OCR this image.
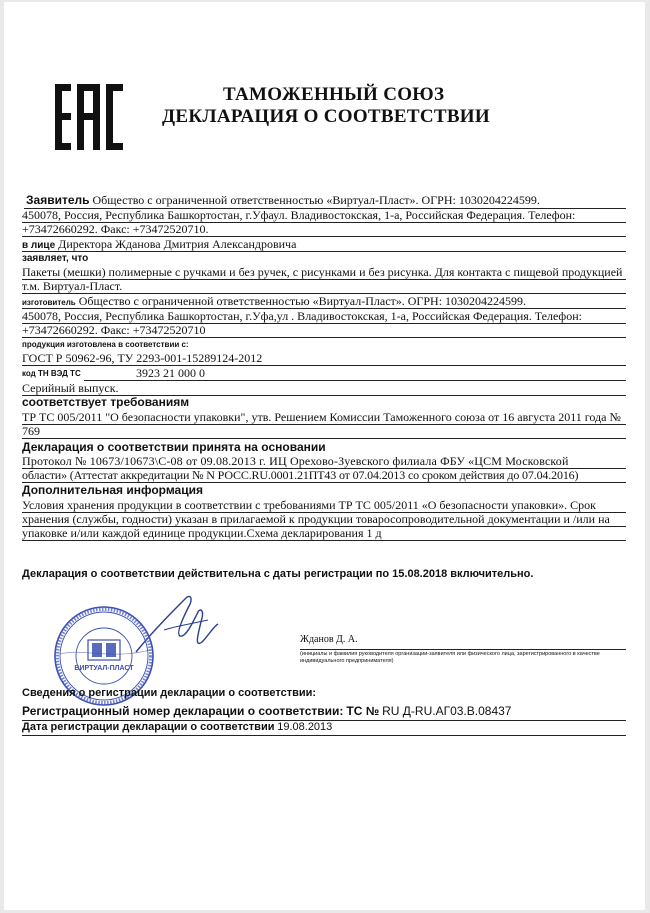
ТАМОЖЕННЫЙ СОЮЗ
ДЕКЛАРАЦИЯ О СООТВЕТСТВИИ
Заявитель Общество с ограниченной ответственностью «Виртуал-Пласт». ОГРН: 1030204224599.
450078, Россия, Республика Башкортостан, г.Уфаул. Владивостокская, 1-а, Российская Федерация. Телефон:
+73472660292. Факс: +73472520710.
в лице Директора Жданова Дмитрия Александровича
заявляет, что
Пакеты (мешки) полимерные с ручками и без ручек, с рисунками и без рисунка. Для контакта с пищевой продукцией
т.м. Виртуал-Пласт.
изготовитель Общество с ограниченной ответственностью «Виртуал-Пласт». ОГРН: 1030204224599.
450078, Россия, Республика Башкортостан, г.Уфа,ул . Владивостокская, 1-а, Российская Федерация. Телефон:
+73472660292. Факс: +73472520710
продукция изготовлена в соответствии с:
ГОСТ Р 50962-96, ТУ 2293-001-15289124-2012
код ТН ВЭД ТС	3923 21 000 0
Серийный выпуск.
соответствует требованиям
ТР ТС 005/2011 "О безопасности упаковки", утв. Решением Комиссии Таможенного союза от 16 августа 2011 года №
769
Декларация о соответствии принята на основании
Протокол № 10673/10673\С-08 от 09.08.2013 г. ИЦ Орехово-Зуевского филиала ФБУ «ЦСМ Московской
области» (Аттестат аккредитации № N РОСС.RU.0001.21ПТ43 от 07.04.2013 со сроком действия до 07.04.2016)
Дополнительная информация
Условия хранения продукции в соответствии с требованиями ТР ТС 005/2011 «О безопасности упаковки». Срок
хранения (службы, годности) указан в прилагаемой к продукции товаросопроводительной документации и /или на
упаковке и/или каждой единице продукции.Схема декларирования 1 д
Декларация о соответствии действительна с даты регистрации по 15.08.2018 включительно.
ВИРТУАЛ-ПЛАСТ
Жданов Д. А.
(инициалы и фамилия руководителя организации-заявителя или физического лица, зарегистрированного в качестве
индивидуального предпринимателя)
Сведения о регистрации декларации о соответствии:
Регистрационный номер декларации о соответствии: ТС № RU Д-RU.АГ03.В.08437
Дата регистрации декларации о соответствии 19.08.2013
